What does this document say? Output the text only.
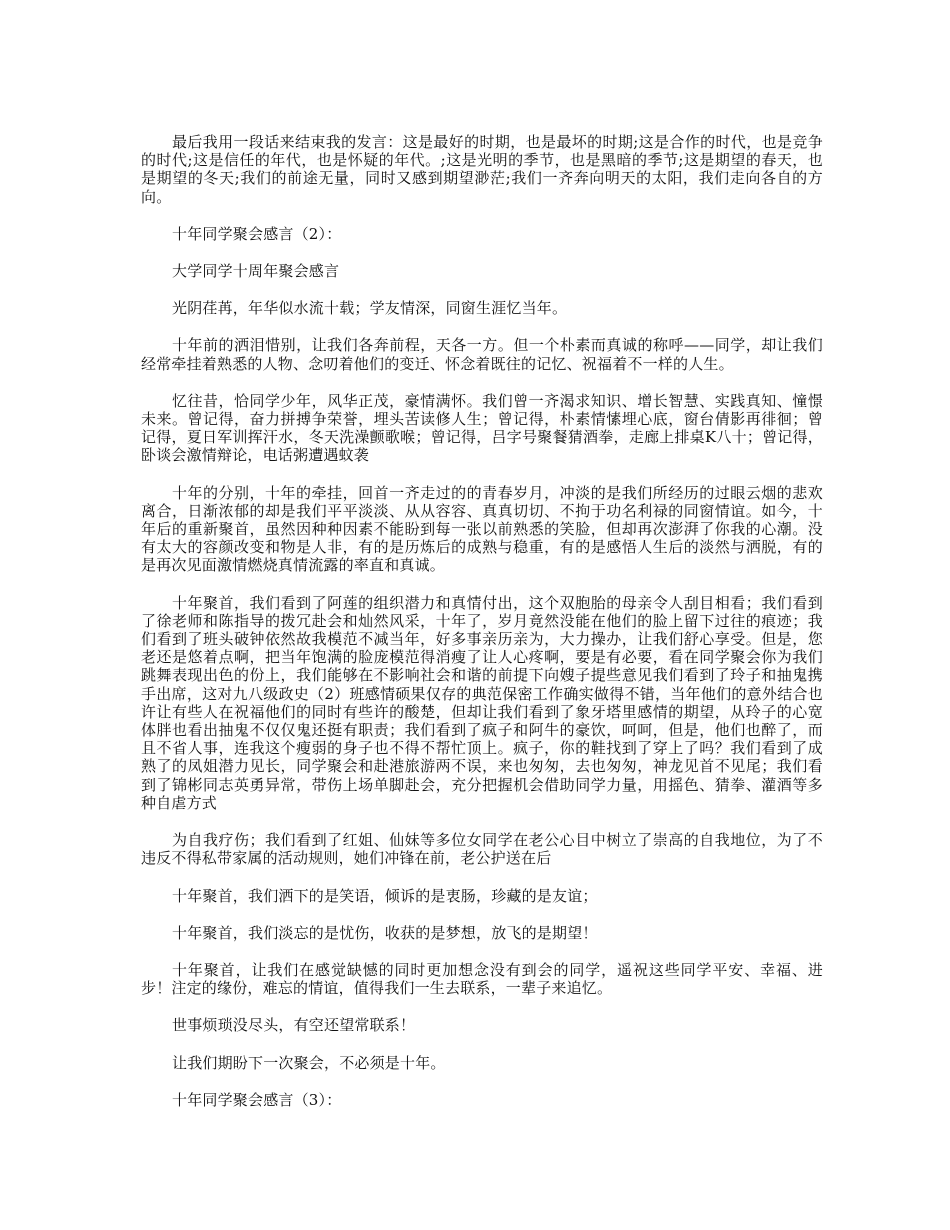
最后我用一段话来结束我的发言：这是最好的时期，也是最坏的时期;这是合作的时代，也是竞争的时代;这是信任的年代，也是怀疑的年代。;这是光明的季节，也是黑暗的季节;这是期望的春天，也是期望的冬天;我们的前途无量，同时又感到期望渺茫;我们一齐奔向明天的太阳，我们走向各自的方向。

十年同学聚会感言（2）：

大学同学十周年聚会感言

光阴荏苒，年华似水流十载；学友情深，同窗生涯忆当年。

十年前的洒泪惜别，让我们各奔前程，天各一方。但一个朴素而真诚的称呼——同学，却让我们经常牵挂着熟悉的人物、念叨着他们的变迁、怀念着既往的记忆、祝福着不一样的人生。

忆往昔，恰同学少年，风华正茂，豪情满怀。我们曾一齐渴求知识、增长智慧、实践真知、憧憬未来。曾记得，奋力拼搏争荣誉，埋头苦读修人生；曾记得，朴素情愫埋心底，窗台倩影再徘徊；曾记得，夏日军训挥汗水，冬天洗澡颤歌喉；曾记得，吕字号聚餐猜酒拳，走廊上排桌K八十；曾记得，卧谈会激情辩论，电话粥遭遇蚊袭

十年的分别，十年的牵挂，回首一齐走过的的青春岁月，冲淡的是我们所经历的过眼云烟的悲欢离合，日渐浓郁的却是我们平平淡淡、从从容容、真真切切、不拘于功名利禄的同窗情谊。如今，十年后的重新聚首，虽然因种种因素不能盼到每一张以前熟悉的笑脸，但却再次澎湃了你我的心潮。没有太大的容颜改变和物是人非，有的是历炼后的成熟与稳重，有的是感悟人生后的淡然与洒脱，有的是再次见面激情燃烧真情流露的率直和真诚。

十年聚首，我们看到了阿莲的组织潜力和真情付出，这个双胞胎的母亲令人刮目相看；我们看到了徐老师和陈指导的拨冗赴会和灿然风采，十年了，岁月竟然没能在他们的脸上留下过往的痕迹；我们看到了班头破钟依然故我模范不减当年，好多事亲历亲为，大力操办，让我们舒心享受。但是，您老还是悠着点啊，把当年饱满的脸庞模范得消瘦了让人心疼啊，要是有必要，看在同学聚会你为我们跳舞表现出色的份上，我们能够在不影响社会和谐的前提下向嫂子提些意见我们看到了玲子和抽鬼携手出席，这对九八级政史（2）班感情硕果仅存的典范保密工作确实做得不错，当年他们的意外结合也许让有些人在祝福他们的同时有些许的酸楚，但却让我们看到了象牙塔里感情的期望，从玲子的心宽体胖也看出抽鬼不仅仅鬼还挺有职责；我们看到了疯子和阿牛的豪饮，呵呵，但是，他们也醉了，而且不省人事，连我这个瘦弱的身子也不得不帮忙顶上。疯子，你的鞋找到了穿上了吗？我们看到了成熟了的凤姐潜力见长，同学聚会和赴港旅游两不误，来也匆匆，去也匆匆，神龙见首不见尾；我们看到了锦彬同志英勇异常，带伤上场单脚赴会，充分把握机会借助同学力量，用摇色、猜拳、灌酒等多种自虐方式

为自我疗伤；我们看到了红姐、仙妹等多位女同学在老公心目中树立了崇高的自我地位，为了不违反不得私带家属的活动规则，她们冲锋在前，老公护送在后

十年聚首，我们洒下的是笑语，倾诉的是衷肠，珍藏的是友谊；

十年聚首，我们淡忘的是忧伤，收获的是梦想，放飞的是期望！

十年聚首，让我们在感觉缺憾的同时更加想念没有到会的同学，遥祝这些同学平安、幸福、进步！注定的缘份，难忘的情谊，值得我们一生去联系，一辈子来追忆。

世事烦琐没尽头，有空还望常联系！

让我们期盼下一次聚会，不必须是十年。

十年同学聚会感言（3）：
